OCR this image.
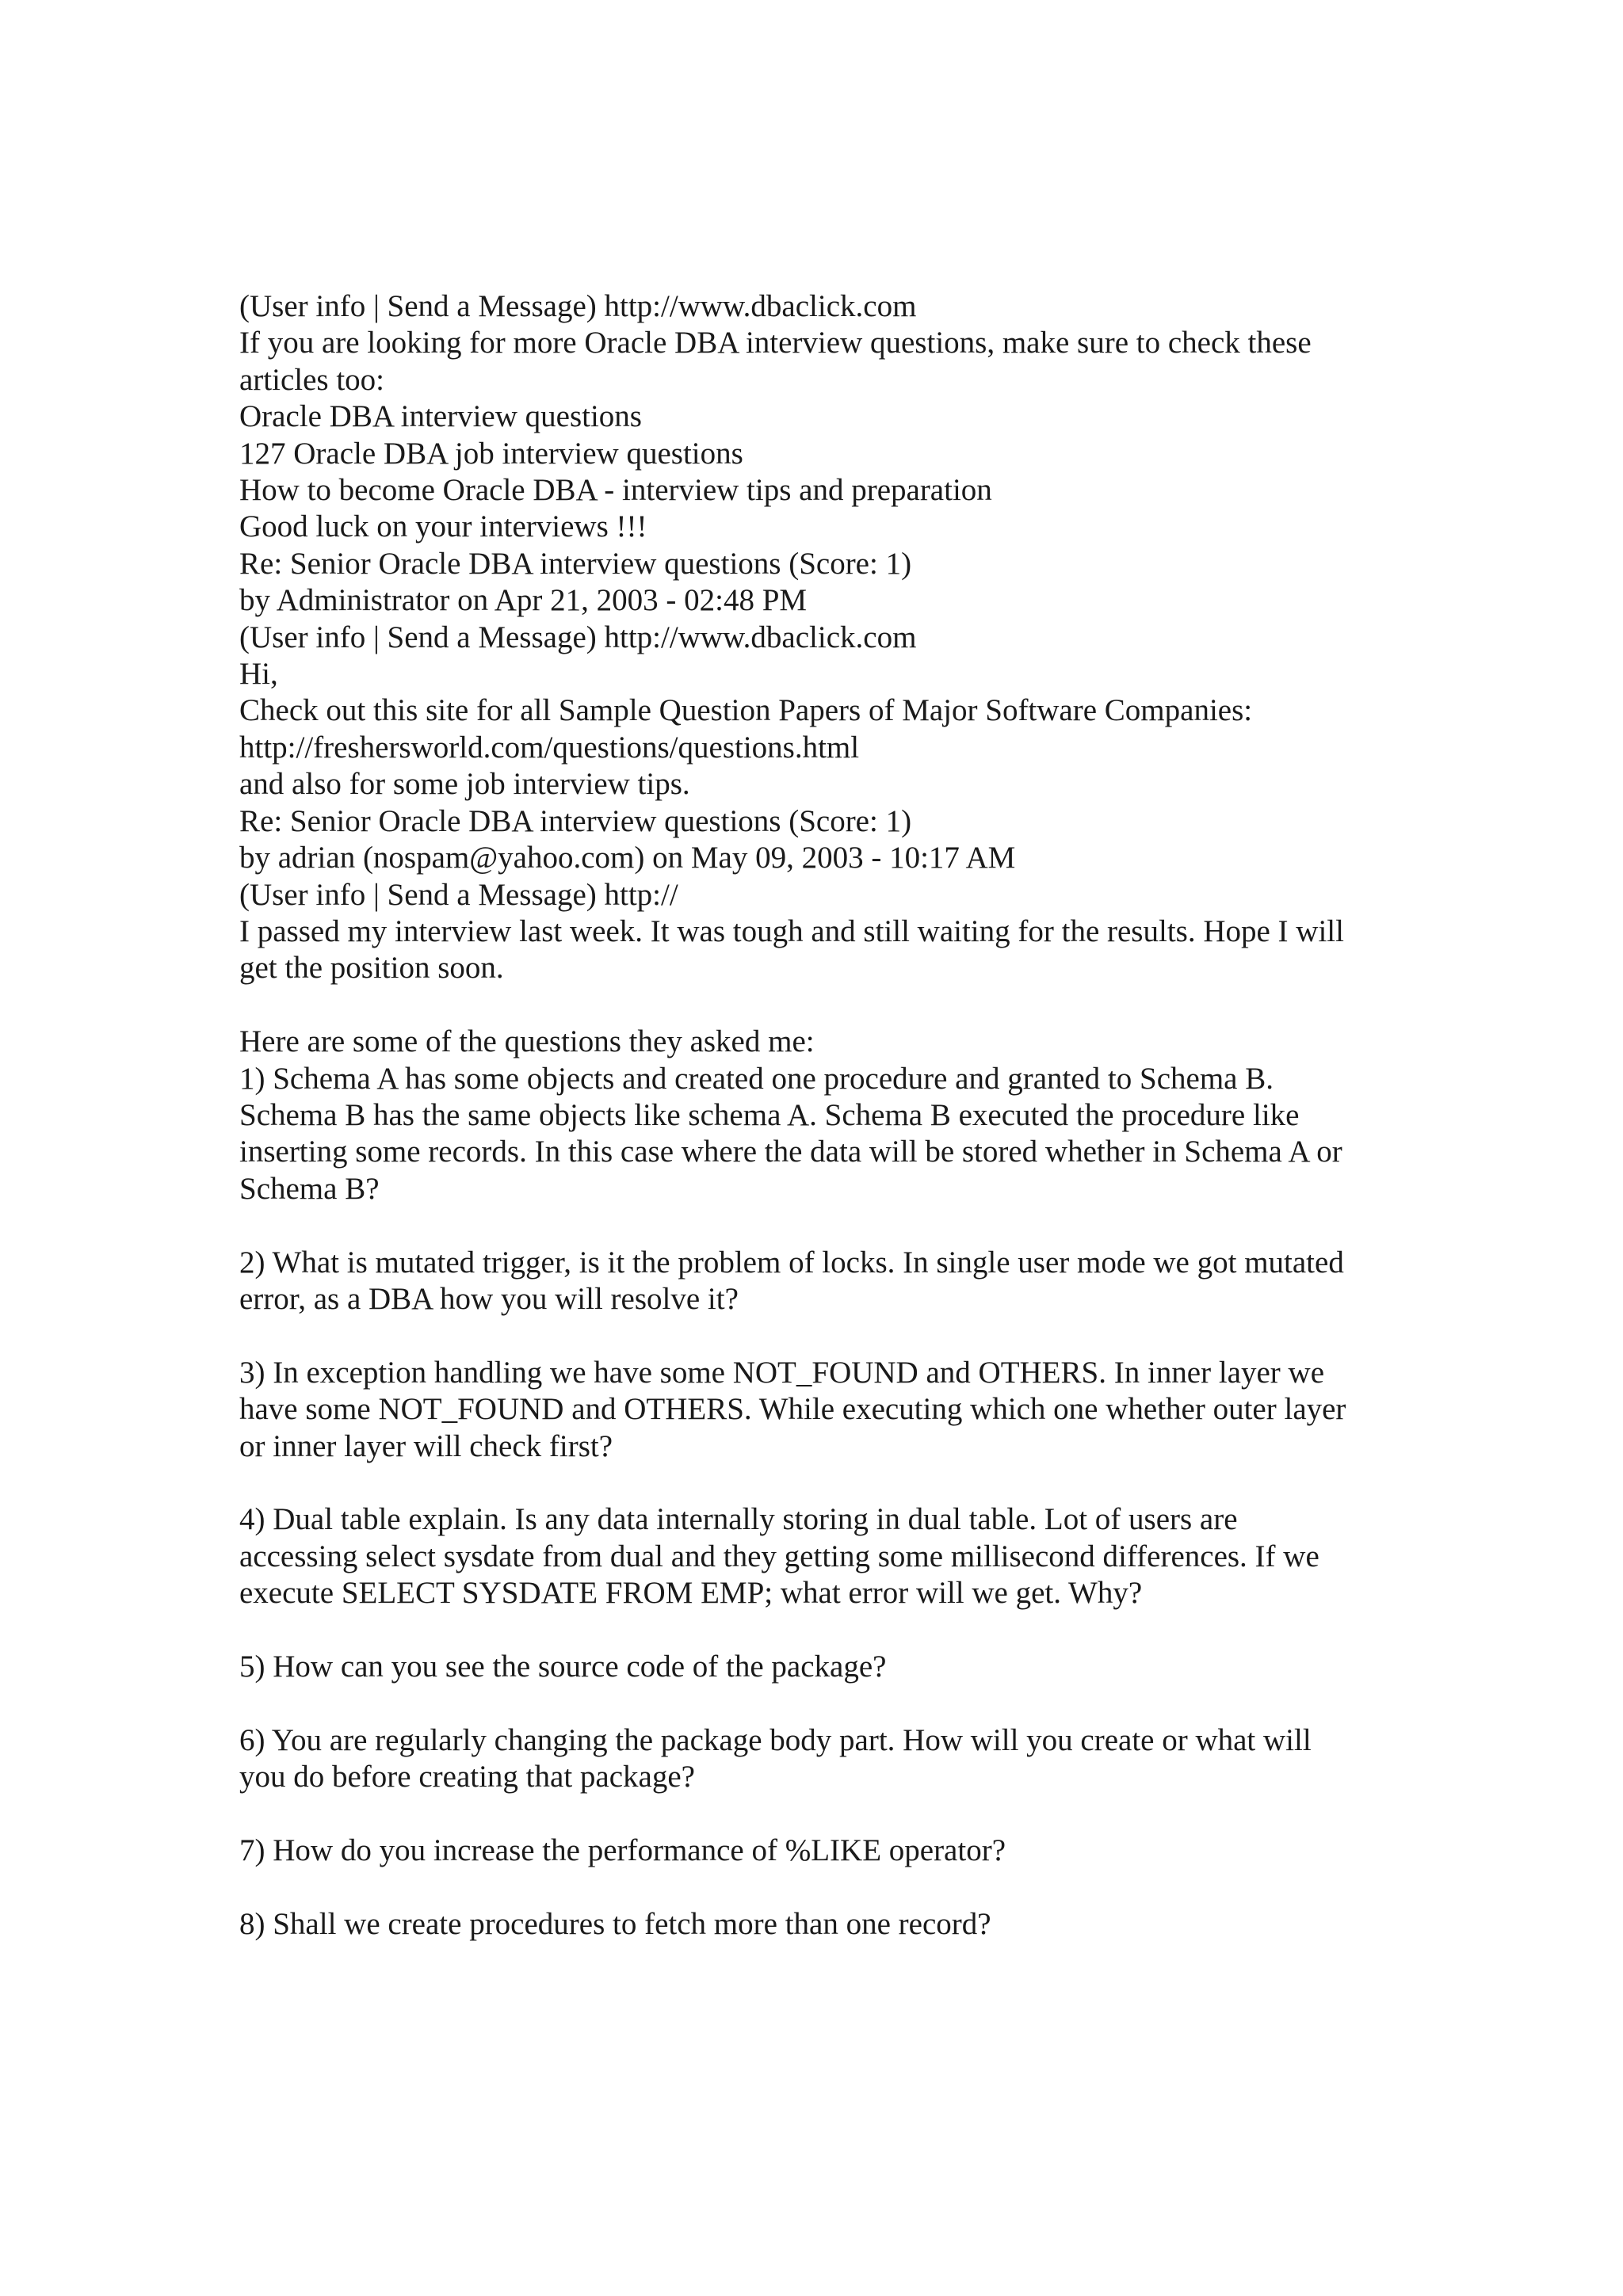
(User info | Send a Message) http://www.dbaclick.com
If you are looking for more Oracle DBA interview questions, make sure to check these
articles too:
Oracle DBA interview questions
127 Oracle DBA job interview questions
How to become Oracle DBA - interview tips and preparation
Good luck on your interviews !!!
Re: Senior Oracle DBA interview questions (Score: 1)
by Administrator on Apr 21, 2003 - 02:48 PM
(User info | Send a Message) http://www.dbaclick.com
Hi,
Check out this site for all Sample Question Papers of Major Software Companies:
http://freshersworld.com/questions/questions.html
and also for some job interview tips.
Re: Senior Oracle DBA interview questions (Score: 1)
by adrian (nospam@yahoo.com) on May 09, 2003 - 10:17 AM
(User info | Send a Message) http://
I passed my interview last week. It was tough and still waiting for the results. Hope I will
get the position soon.
Here are some of the questions they asked me:
1) Schema A has some objects and created one procedure and granted to Schema B.
Schema B has the same objects like schema A. Schema B executed the procedure like
inserting some records. In this case where the data will be stored whether in Schema A or
Schema B?
2) What is mutated trigger, is it the problem of locks. In single user mode we got mutated
error, as a DBA how you will resolve it?
3) In exception handling we have some NOT_FOUND and OTHERS. In inner layer we
have some NOT_FOUND and OTHERS. While executing which one whether outer layer
or inner layer will check first?
4) Dual table explain. Is any data internally storing in dual table. Lot of users are
accessing select sysdate from dual and they getting some millisecond differences. If we
execute SELECT SYSDATE FROM EMP; what error will we get. Why?
5) How can you see the source code of the package?
6) You are regularly changing the package body part. How will you create or what will
you do before creating that package?
7) How do you increase the performance of %LIKE operator?
8) Shall we create procedures to fetch more than one record?
